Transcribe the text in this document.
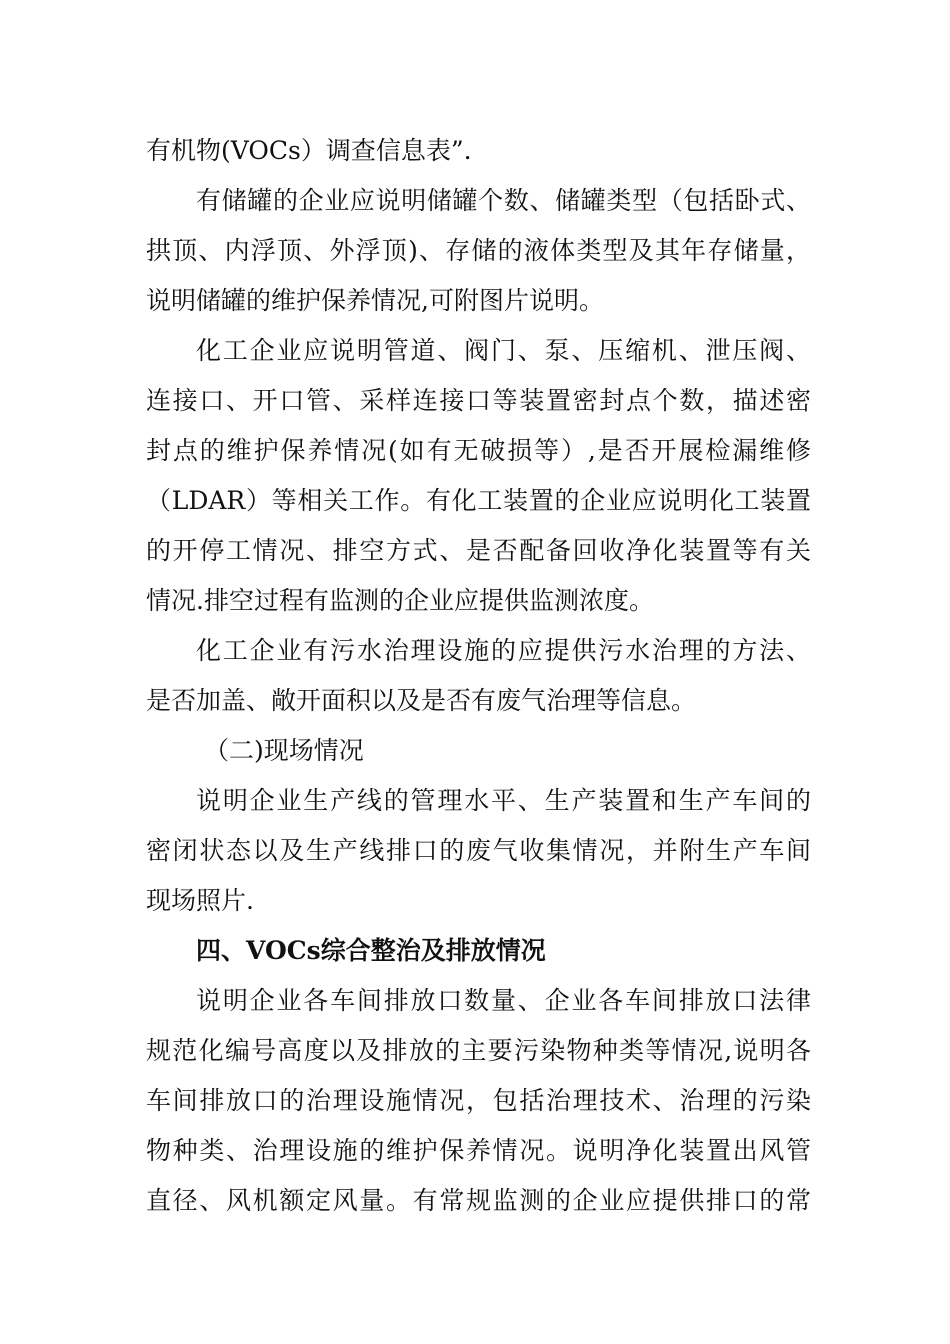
有机物(VOCs）调查信息表”.
有储罐的企业应说明储罐个数、储罐类型（包括卧式、
拱顶、内浮顶、外浮顶)、存储的液体类型及其年存储量，
说明储罐的维护保养情况,可附图片说明。
化工企业应说明管道、阀门、泵、压缩机、泄压阀、
连接口、开口管、采样连接口等装置密封点个数，描述密
封点的维护保养情况(如有无破损等）,是否开展检漏维修
（LDAR）等相关工作。有化工装置的企业应说明化工装置
的开停工情况、排空方式、是否配备回收净化装置等有关
情况.排空过程有监测的企业应提供监测浓度。
化工企业有污水治理设施的应提供污水治理的方法、
是否加盖、敞开面积以及是否有废气治理等信息。
（二)现场情况
说明企业生产线的管理水平、生产装置和生产车间的
密闭状态以及生产线排口的废气收集情况，并附生产车间
现场照片.
四、VOCs综合整治及排放情况
说明企业各车间排放口数量、企业各车间排放口法律
规范化编号高度以及排放的主要污染物种类等情况,说明各
车间排放口的治理设施情况，包括治理技术、治理的污染
物种类、治理设施的维护保养情况。说明净化装置出风管
直径、风机额定风量。有常规监测的企业应提供排口的常
